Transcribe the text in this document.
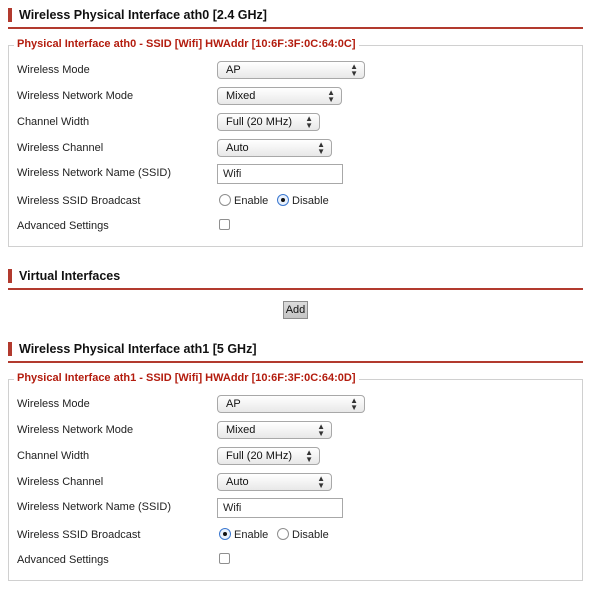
Wireless Physical Interface ath0 [2.4 GHz]
Physical Interface ath0 - SSID [Wifi] HWAddr [10:6F:3F:0C:64:0C]
Wireless Mode	AP	▲
▼
Wireless Network Mode	Mixed	▲
▼
Channel Width	Full (20 MHz) ▲
▼
Wireless Channel	Auto	▲
▼
Wireless Network Name (SSID)	Wifi
Wireless SSID Broadcast	Enable Disable
Advanced Settings
Virtual Interfaces
Add
Wireless Physical Interface ath1 [5 GHz]
Physical Interface ath1 - SSID [Wifi] HWAddr [10:6F:3F:0C:64:0D]
Wireless Mode	AP	▲
▼
Wireless Network Mode	Mixed	▲
▼
Channel Width	Full (20 MHz) ▲
▼
Wireless Channel	Auto	▲
▼
Wireless Network Name (SSID)	Wifi
Wireless SSID Broadcast	Enable Disable
Advanced Settings
